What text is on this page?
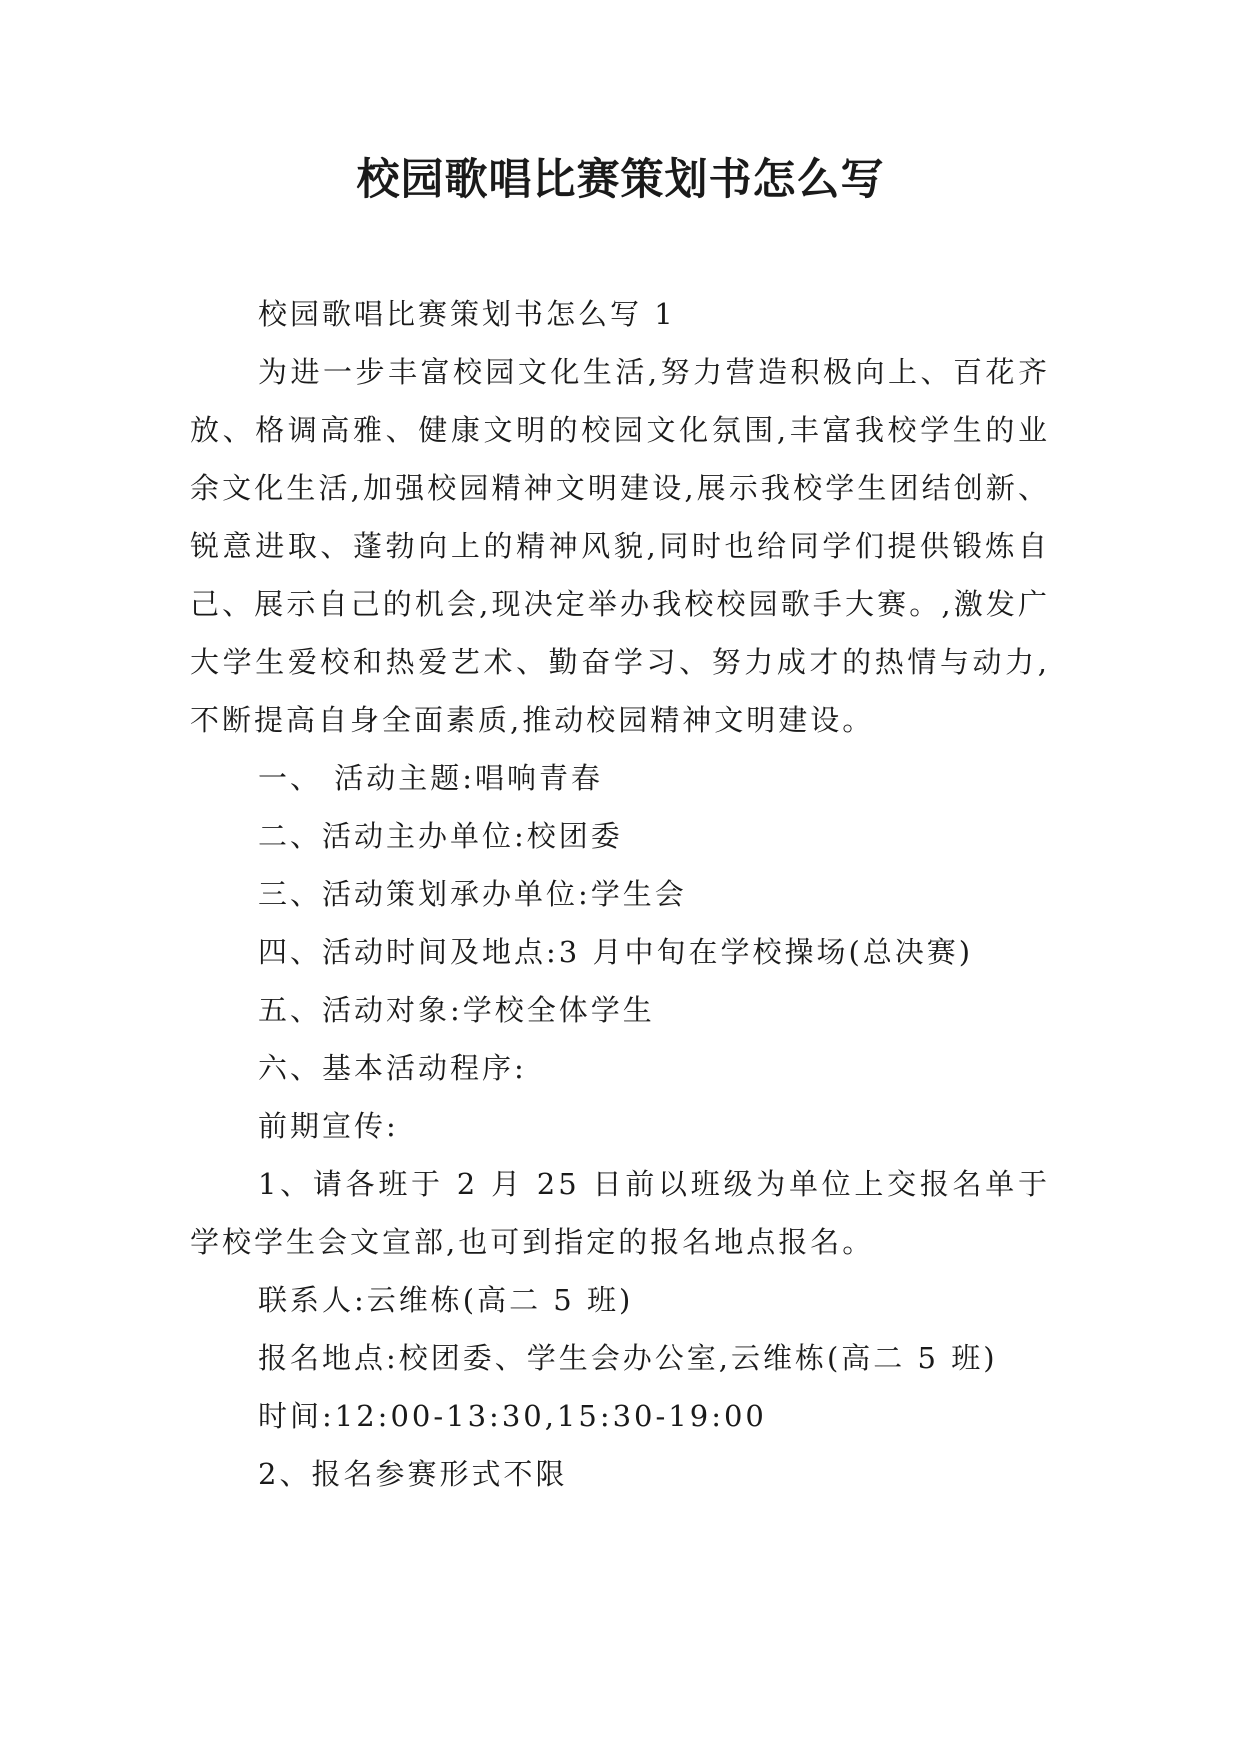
校园歌唱比赛策划书怎么写

校园歌唱比赛策划书怎么写 1

为进一步丰富校园文化生活,努力营造积极向上、百花齐放、格调高雅、健康文明的校园文化氛围,丰富我校学生的业余文化生活,加强校园精神文明建设,展示我校学生团结创新、锐意进取、蓬勃向上的精神风貌,同时也给同学们提供锻炼自己、展示自己的机会,现决定举办我校校园歌手大赛。,激发广大学生爱校和热爱艺术、勤奋学习、努力成才的热情与动力,不断提高自身全面素质,推动校园精神文明建设。

一、 活动主题:唱响青春

二、活动主办单位:校团委

三、活动策划承办单位:学生会

四、活动时间及地点:3 月中旬在学校操场(总决赛)

五、活动对象:学校全体学生

六、基本活动程序:

前期宣传:

1、请各班于 2 月 25 日前以班级为单位上交报名单于学校学生会文宣部,也可到指定的报名地点报名。

联系人:云维栋(高二 5 班)

报名地点:校团委、学生会办公室,云维栋(高二 5 班)

时间:12:00-13:30,15:30-19:00

2、报名参赛形式不限
